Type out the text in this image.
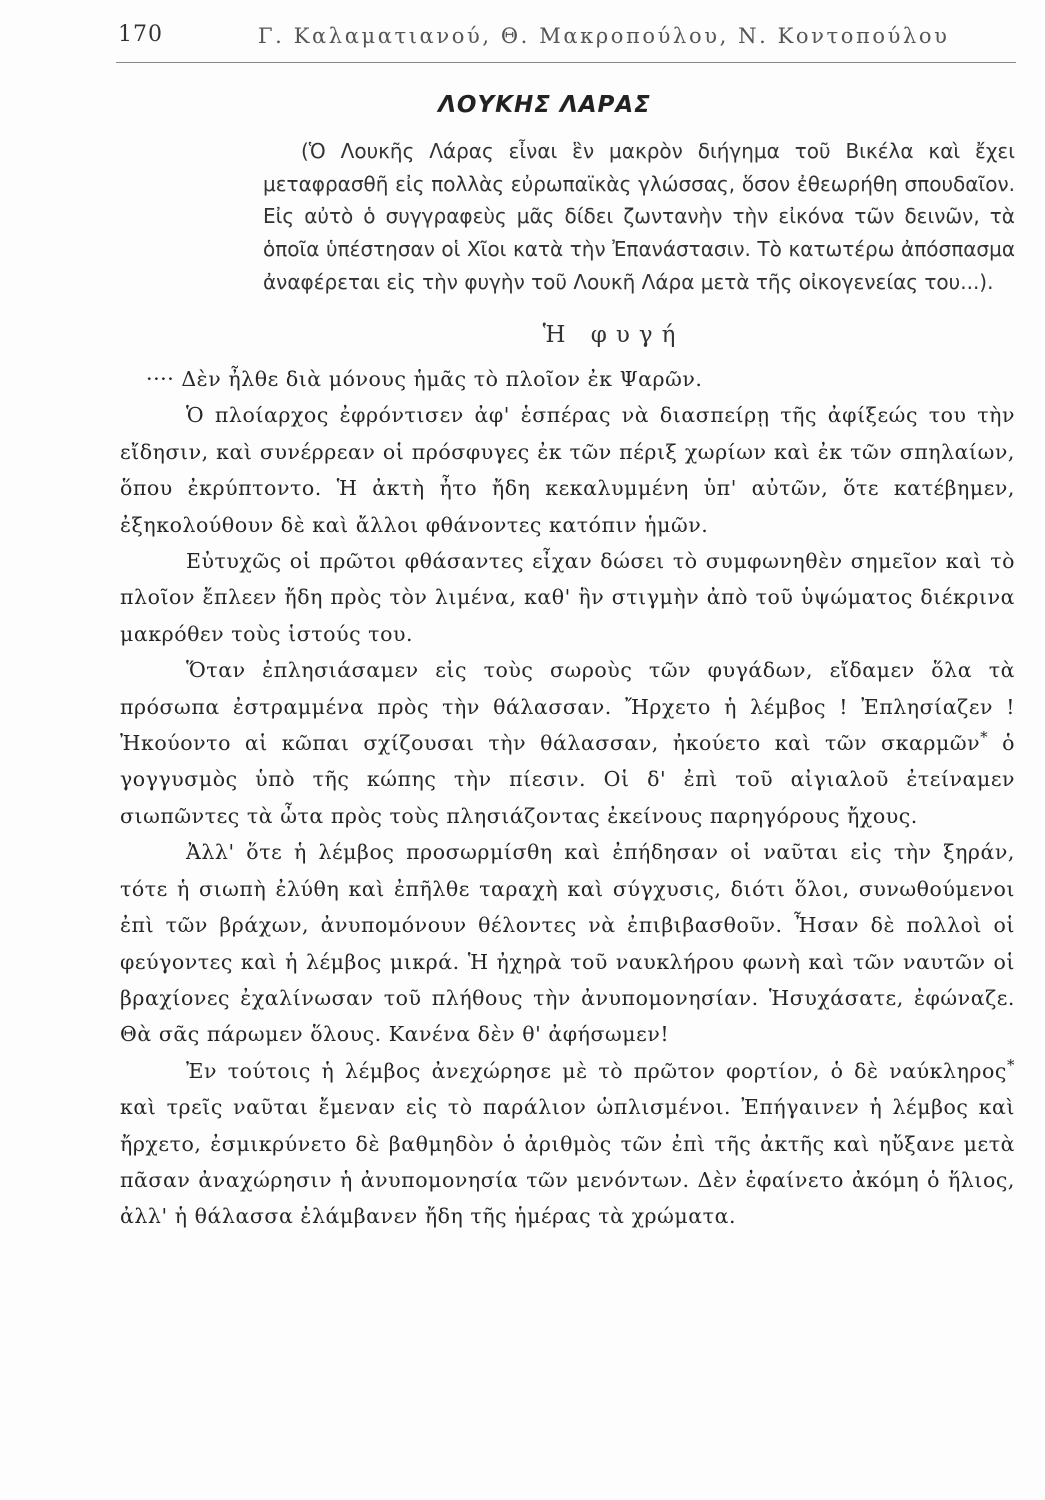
170	Γ. Καλαματιανού, Θ. Μακροπούλου, Ν. Κοντοπούλου
ΛΟΥΚΗΣ ΛΑΡΑΣ

(Ὁ Λουκῆς Λάρας εἶναι ἓν μακρὸν διήγημα τοῦ Βικέλα καὶ ἔχει μεταφρασθῆ εἰς πολλὰς εὐρωπαϊκὰς γλώσσας, ὅσον ἐθεωρήθη σπουδαῖον. Εἰς αὐτὸ ὁ συγγραφεὺς μᾶς δίδει ζωντανὴν τὴν εἰκόνα τῶν δεινῶν, τὰ ὁποῖα ὑπέστησαν οἱ Χῖοι κατὰ τὴν Ἐπανάστασιν. Τὸ κατωτέρω ἀπόσπασμα ἀναφέρεται εἰς τὴν φυγὴν τοῦ Λουκῆ Λάρα μετὰ τῆς οἰκογενείας του...).

Ἡ φυγή

···· Δὲν ἦλθε διὰ μόνους ἡμᾶς τὸ πλοῖον ἐκ Ψαρῶν.

Ὁ πλοίαρχος ἐφρόντισεν ἀφ' ἑσπέρας νὰ διασπείρῃ τῆς ἀφίξεώς του τὴν εἴδησιν, καὶ συνέρρεαν οἱ πρόσφυγες ἐκ τῶν πέριξ χωρίων καὶ ἐκ τῶν σπηλαίων, ὅπου ἐκρύπτοντο. Ἡ ἀκτὴ ἦτο ἤδη κεκαλυμμένη ὑπ' αὐτῶν, ὅτε κατέβημεν, ἐξηκολούθουν δὲ καὶ ἄλλοι φθάνοντες κατόπιν ἡμῶν.

Εὐτυχῶς οἱ πρῶτοι φθάσαντες εἶχαν δώσει τὸ συμφωνηθὲν σημεῖον καὶ τὸ πλοῖον ἔπλεεν ἤδη πρὸς τὸν λιμένα, καθ' ἣν στιγμὴν ἀπὸ τοῦ ὑψώματος διέκρινα μακρόθεν τοὺς ἱστούς του.

Ὅταν ἐπλησιάσαμεν εἰς τοὺς σωροὺς τῶν φυγάδων, εἴδαμεν ὅλα τὰ πρόσωπα ἐστραμμένα πρὸς τὴν θάλασσαν. Ἤρχετο ἡ λέμβος ! Ἐπλησίαζεν ! Ἠκούοντο αἱ κῶπαι σχίζουσαι τὴν θάλασσαν, ἠκούετο καὶ τῶν σκαρμῶν* ὁ γογγυσμὸς ὑπὸ τῆς κώπης τὴν πίεσιν. Οἱ δ' ἐπὶ τοῦ αἰγιαλοῦ ἐτείναμεν σιωπῶντες τὰ ὦτα πρὸς τοὺς πλησιάζοντας ἐκείνους παρηγόρους ἤχους.

Ἀλλ' ὅτε ἡ λέμβος προσωρμίσθη καὶ ἐπήδησαν οἱ ναῦται εἰς τὴν ξηράν, τότε ἡ σιωπὴ ἐλύθη καὶ ἐπῆλθε ταραχὴ καὶ σύγχυσις, διότι ὅλοι, συνωθούμενοι ἐπὶ τῶν βράχων, ἀνυπομόνουν θέλοντες νὰ ἐπιβιβασθοῦν. Ἦσαν δὲ πολλοὶ οἱ φεύγοντες καὶ ἡ λέμβος μικρά. Ἡ ἠχηρὰ τοῦ ναυκλήρου φωνὴ καὶ τῶν ναυτῶν οἱ βραχίονες ἐχαλίνωσαν τοῦ πλήθους τὴν ἀνυπομονησίαν. Ἡσυχάσατε, ἐφώναζε. Θὰ σᾶς πάρωμεν ὅλους. Κανένα δὲν θ' ἀφήσωμεν!

Ἐν τούτοις ἡ λέμβος ἀνεχώρησε μὲ τὸ πρῶτον φορτίον, ὁ δὲ ναύκληρος* καὶ τρεῖς ναῦται ἔμεναν εἰς τὸ παράλιον ὡπλισμένοι. Ἐπήγαινεν ἡ λέμβος καὶ ἤρχετο, ἐσμικρύνετο δὲ βαθμηδὸν ὁ ἀριθμὸς τῶν ἐπὶ τῆς ἀκτῆς καὶ ηὔξανε μετὰ πᾶσαν ἀναχώρησιν ἡ ἀνυπομονησία τῶν μενόντων. Δὲν ἐφαίνετο ἀκόμη ὁ ἥλιος, ἀλλ' ἡ θάλασσα ἐλάμβανεν ἤδη τῆς ἡμέρας τὰ χρώματα.
